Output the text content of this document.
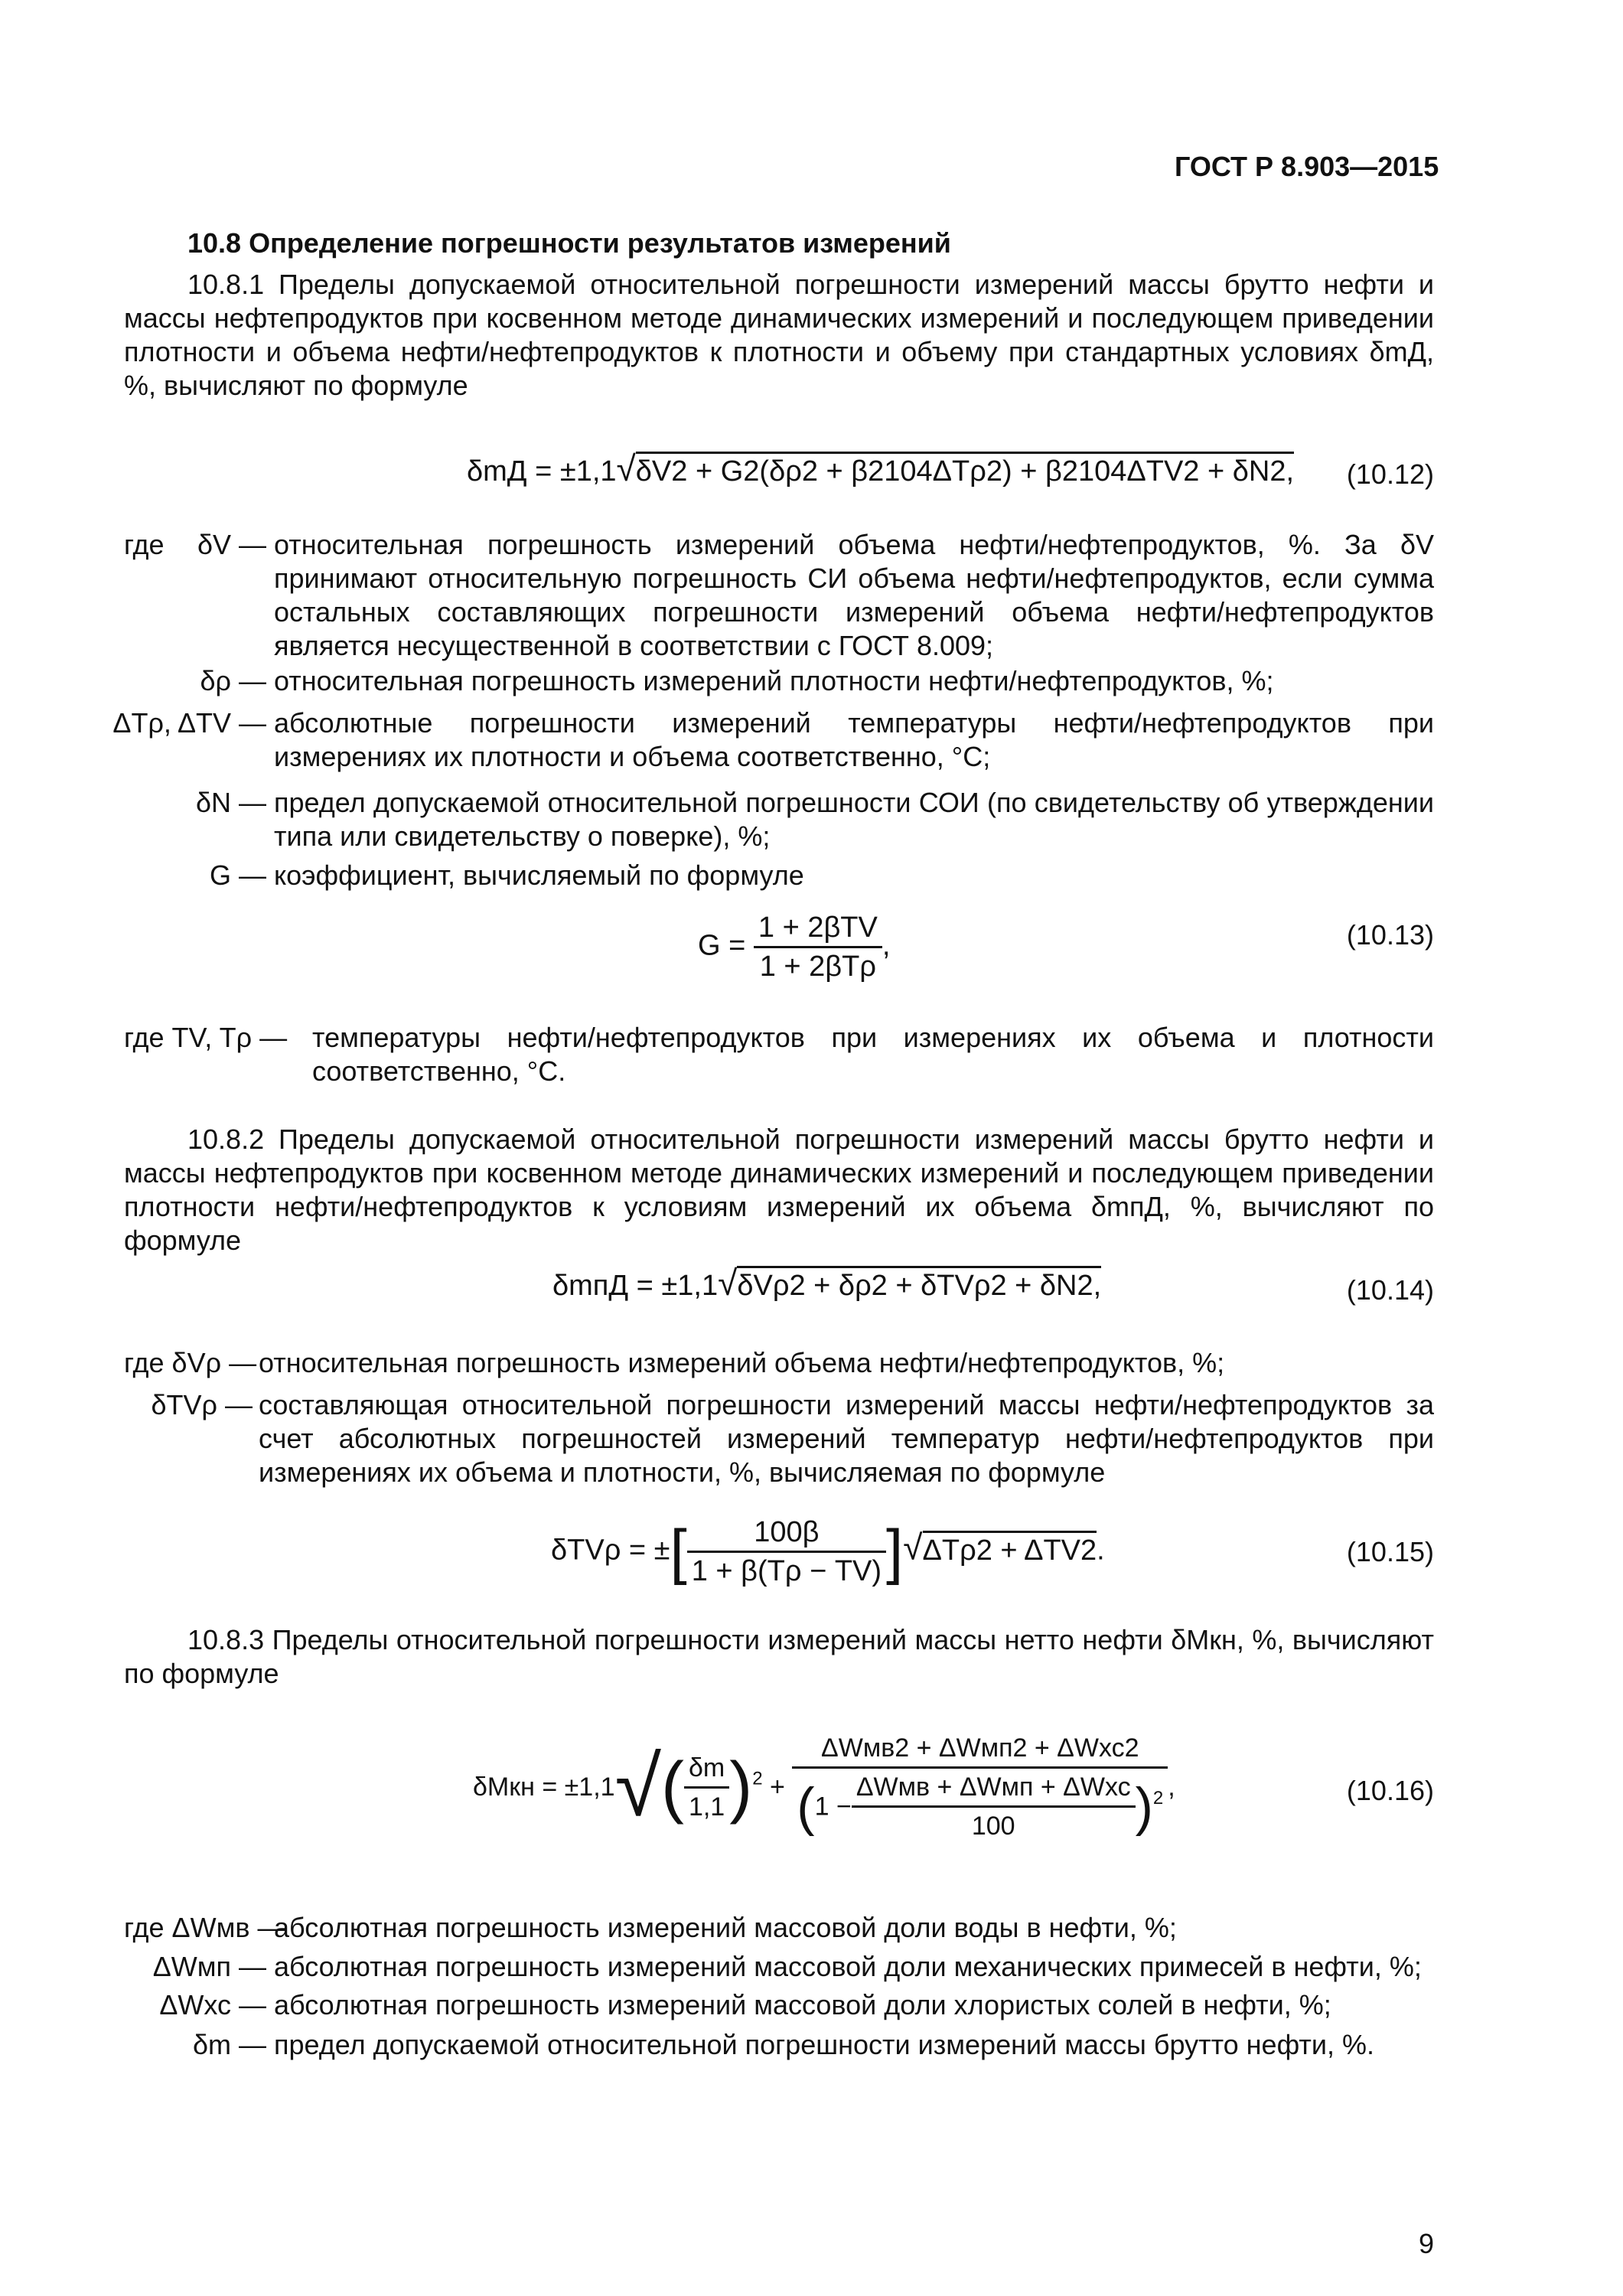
ГОСТ Р 8.903—2015
10.8 Определение погрешности результатов измерений

10.8.1 Пределы допускаемой относительной погрешности измерений массы брутто нефти и массы нефтепродуктов при косвенном методе динамических измерений и последующем приведении плотности и объема нефти/нефтепродуктов к плотности и объему при стандартных условиях δmД, %, вычисляют по формуле

δmД = ±1,1√δV2 + G2(δρ2 + β2104ΔTρ2) + β2104ΔTV2 + δN2,	(10.12)
где	δV — относительная погрешность измерений объема нефти/нефтепродуктов, %. За δV принимают относительную погрешность СИ объема нефти/нефтепродуктов, если сумма остальных составляющих погрешности измерений объема нефти/нефтепродуктов является несущественной в соответствии с ГОСТ 8.009;
δρ — относительная погрешность измерений плотности нефти/нефтепродуктов, %;
ΔTρ, ΔTV — абсолютные погрешности измерений температуры нефти/нефтепродуктов при измерениях их плотности и объема соответственно, °С;
δN — предел допускаемой относительной погрешности СОИ (по свидетельству об утверждении типа или свидетельству о поверке), %;
G — коэффициент, вычисляемый по формуле
$G = \frac{\text{1 + 2βTV}}{\text{1 + 2βTρ}}$ ,	(10.13)
где TV, Tρ — температуры нефти/нефтепродуктов при измерениях их объема и плотности соответственно, °С.

10.8.2 Пределы допускаемой относительной погрешности измерений массы брутто нефти и массы нефтепродуктов при косвенном методе динамических измерений и последующем приведении плотности нефти/нефтепродуктов к условиям измерений их объема δmпД, %, вычисляют по формуле

δmпД = ±1,1√δVρ2 + δρ2 + δTVρ2 + δN2,	(10.14)
где δVρ — относительная погрешность измерений объема нефти/нефтепродуктов, %;
δTVρ — составляющая относительной погрешности измерений массы нефти/нефтепродуктов за счет абсолютных погрешностей измерений температур нефти/нефтепродуктов при измерениях их объема и плотности, %, вычисляемая по формуле
δTVρ = ±[ $\frac{100\beta}{1 + \beta(T\rho - TV)} ]√\Delta T\rho 2 + \Delta TV2$.	(10.15)

10.8.3 Пределы относительной погрешности измерений массы нетто нефти δMкн, %, вычисляют по формуле

$\delta Mкн = \pm 1,1√( \frac{\delta m}{1,1} )^2 + \frac{\text{ΔWмв2 + ΔWмп2 + ΔWхс2}}{(1 - \frac{\text{ΔWмв + ΔWмп + ΔWхс}}{100} )^2}$ ,	(10.16)
где ΔWмв —
абсолютная погрешность измерений массовой доли воды в нефти, %;
ΔWмп — абсолютная погрешность измерений массовой доли механических примесей в нефти, %;
ΔWхс — абсолютная погрешность измерений массовой доли хлористых солей в нефти, %;
δm — предел допускаемой относительной погрешности измерений массы брутто нефти, %.
9
